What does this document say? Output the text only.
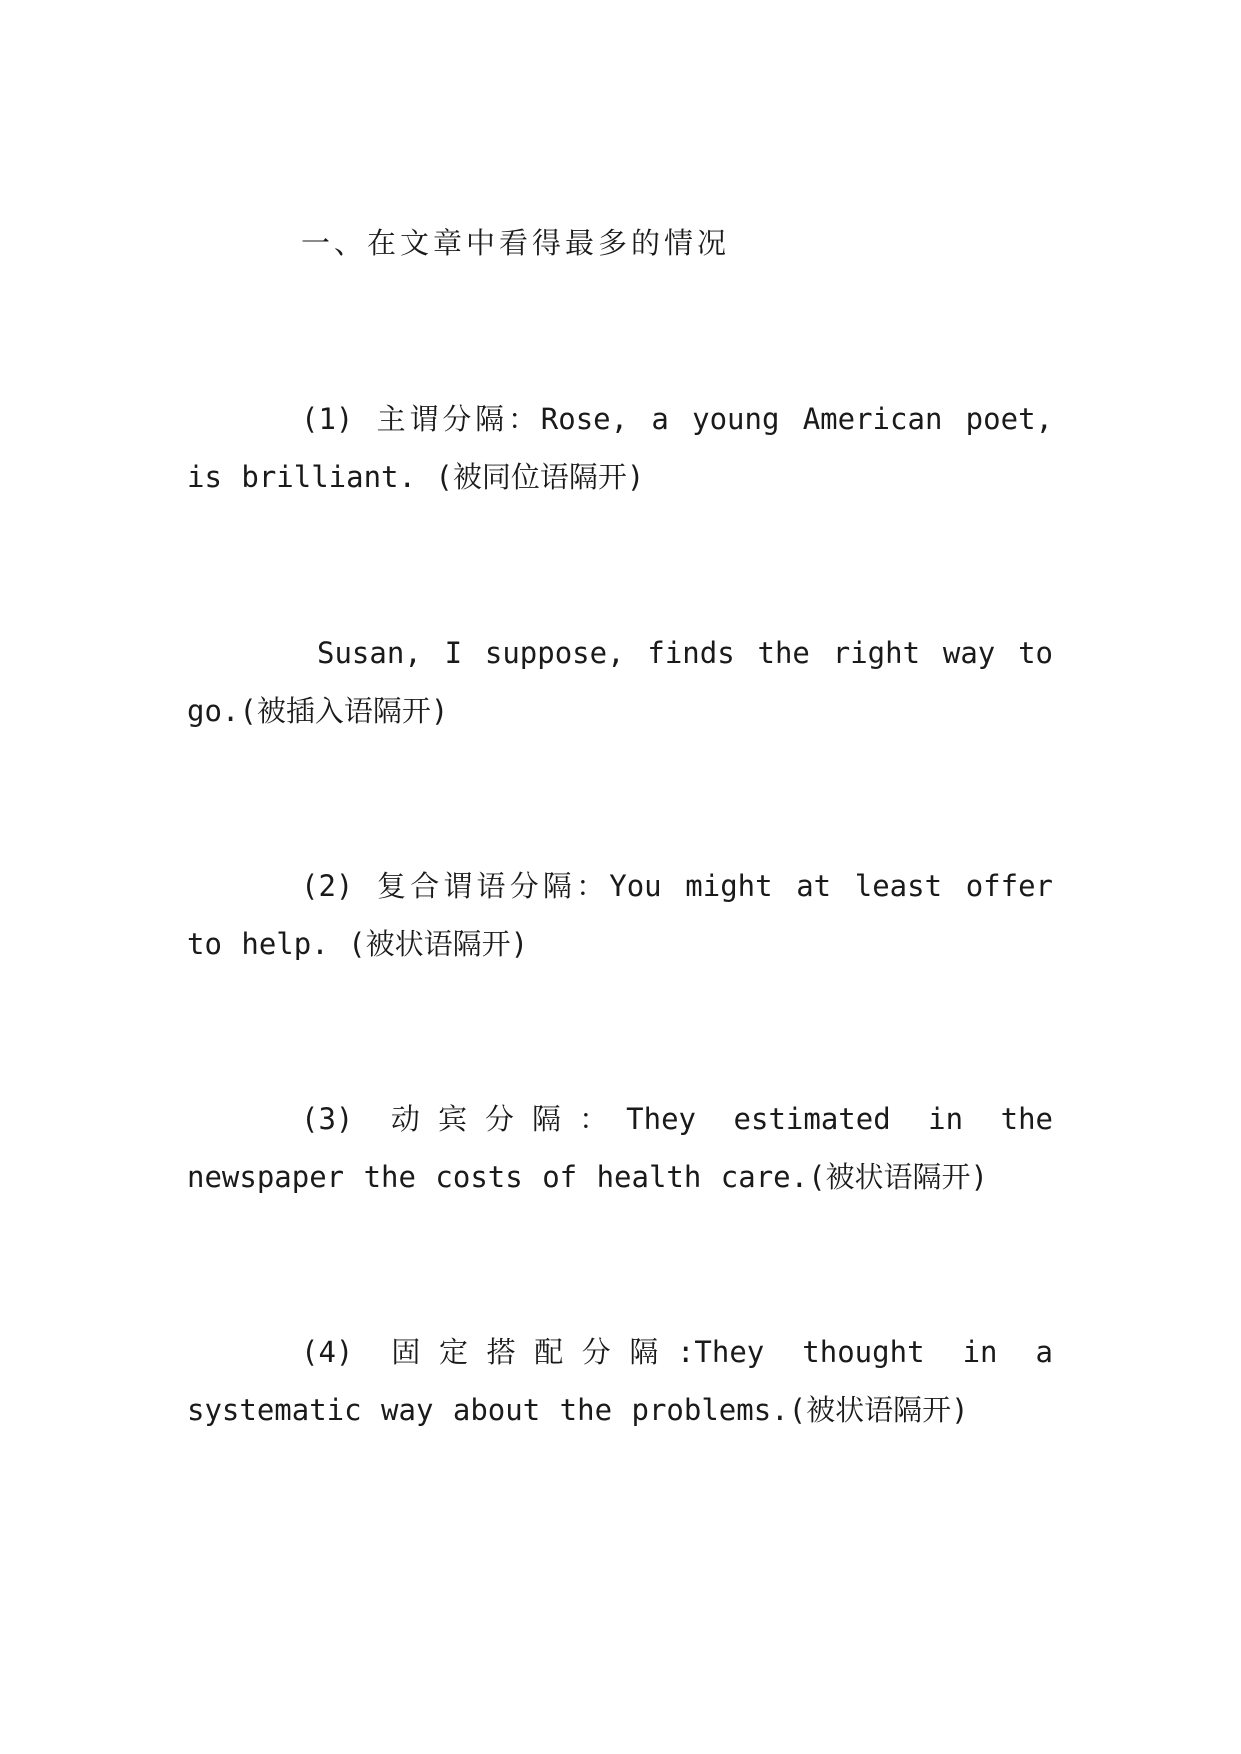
一、在文章中看得最多的情况

(1) 主谓分隔：Rose, a young American poet, is brilliant. (被同位语隔开)

Susan, I suppose, finds the right way to go.(被插入语隔开)

(2) 复合谓语分隔：You might at least offer to help. (被状语隔开)

(3) 动宾分隔：They estimated in the newspaper the costs of health care.(被状语隔开)

(4) 固定搭配分隔:They thought in a systematic way about the problems.(被状语隔开)
